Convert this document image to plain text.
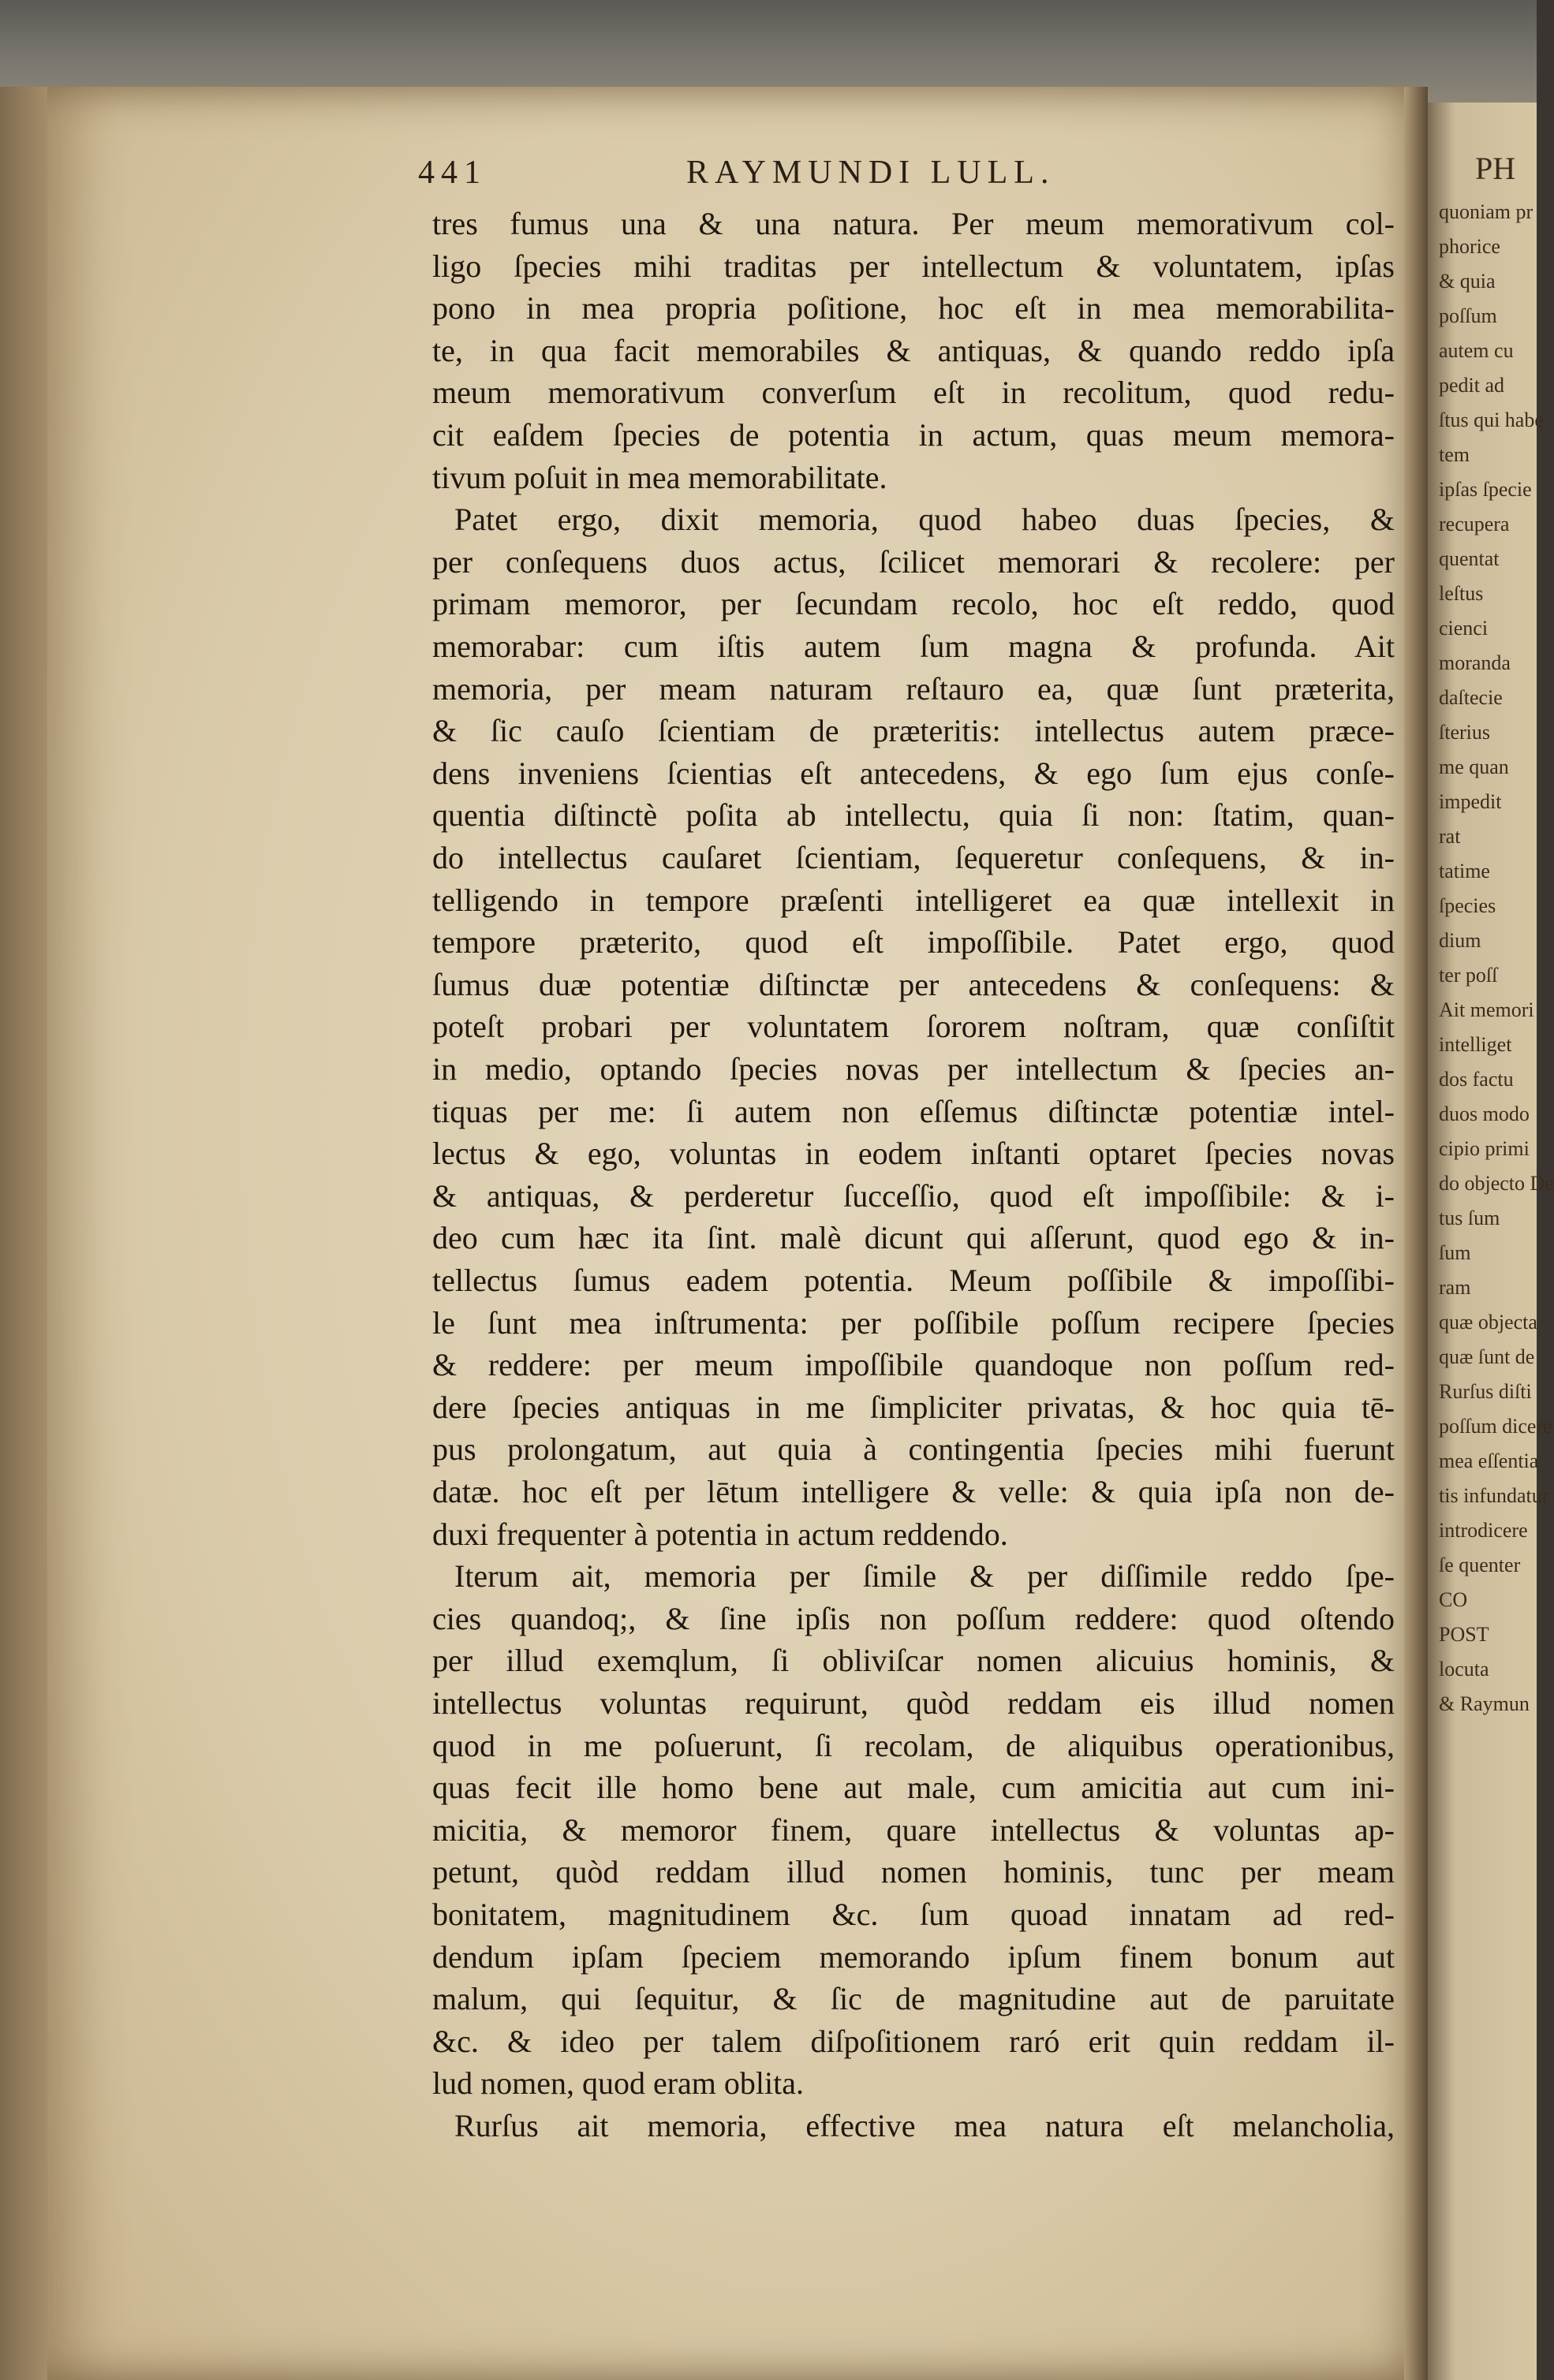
PH
quoniam pr
phorice
& quia
poſſum
autem cu
pedit ad
ſtus qui habe
tem
ipſas ſpecie
recupera
quentat
leſtus
cienci
moranda
daſtecie
ſterius
me quan
impedit
rat
tatime
ſpecies
dium
ter poſſ
Ait memori
intelliget
dos factu
duos modo
cipio primi
do objecto De
tus ſum
ſum
ram
quæ objecta
quæ ſunt de
Rurſus diſti
poſſum dicere
mea eſſentia
tis infundatur
introdicere
ſe quenter
CO
POST
locuta
& Raymun
441	RAYMUNDI LULL.
tres fumus una & una natura. Per meum memorativum col-
ligo ſpecies mihi traditas per intellectum & voluntatem, ipſas
pono in mea propria poſitione, hoc eſt in mea memorabilita-
te, in qua facit memorabiles & antiquas, & quando reddo ipſa
meum memorativum converſum eſt in recolitum, quod redu-
cit eaſdem ſpecies de potentia in actum, quas meum memora-
tivum poſuit in mea memorabilitate.
Patet ergo, dixit memoria, quod habeo duas ſpecies, &
per conſequens duos actus, ſcilicet memorari & recolere: per
primam memoror, per ſecundam recolo, hoc eſt reddo, quod
memorabar: cum iſtis autem ſum magna & profunda. Ait
memoria, per meam naturam reſtauro ea, quæ ſunt præterita,
& ſic cauſo ſcientiam de præteritis: intellectus autem præce-
dens inveniens ſcientias eſt antecedens, & ego ſum ejus conſe-
quentia diſtinctè poſita ab intellectu, quia ſi non: ſtatim, quan-
do intellectus cauſaret ſcientiam, ſequeretur conſequens, & in-
telligendo in tempore præſenti intelligeret ea quæ intellexit in
tempore præterito, quod eſt impoſſibile. Patet ergo, quod
ſumus duæ potentiæ diſtinctæ per antecedens & conſequens: &
poteſt probari per voluntatem ſororem noſtram, quæ conſiſtit
in medio, optando ſpecies novas per intellectum & ſpecies an-
tiquas per me: ſi autem non eſſemus diſtinctæ potentiæ intel-
lectus & ego, voluntas in eodem inſtanti optaret ſpecies novas
& antiquas, & perderetur ſucceſſio, quod eſt impoſſibile: & i-
deo cum hæc ita ſint. malè dicunt qui aſſerunt, quod ego & in-
tellectus ſumus eadem potentia. Meum poſſibile & impoſſibi-
le ſunt mea inſtrumenta: per poſſibile poſſum recipere ſpecies
& reddere: per meum impoſſibile quandoque non poſſum red-
dere ſpecies antiquas in me ſimpliciter privatas, & hoc quia tē-
pus prolongatum, aut quia à contingentia ſpecies mihi fuerunt
datæ. hoc eſt per lētum intelligere & velle: & quia ipſa non de-
duxi frequenter à potentia in actum reddendo.
Iterum ait, memoria per ſimile & per diſſimile reddo ſpe-
cies quandoq;, & ſine ipſis non poſſum reddere: quod oſtendo
per illud exemqlum, ſi obliviſcar nomen alicuius hominis, &
intellectus voluntas requirunt, quòd reddam eis illud nomen
quod in me poſuerunt, ſi recolam, de aliquibus operationibus,
quas fecit ille homo bene aut male, cum amicitia aut cum ini-
micitia, & memoror finem, quare intellectus & voluntas ap-
petunt, quòd reddam illud nomen hominis, tunc per meam
bonitatem, magnitudinem &c. ſum quoad innatam ad red-
dendum ipſam ſpeciem memorando ipſum finem bonum aut
malum, qui ſequitur, & ſic de magnitudine aut de paruitate
&c. & ideo per talem diſpoſitionem raró erit quin reddam il-
lud nomen, quod eram oblita.
Rurſus ait memoria, effective mea natura eſt melancholia,
